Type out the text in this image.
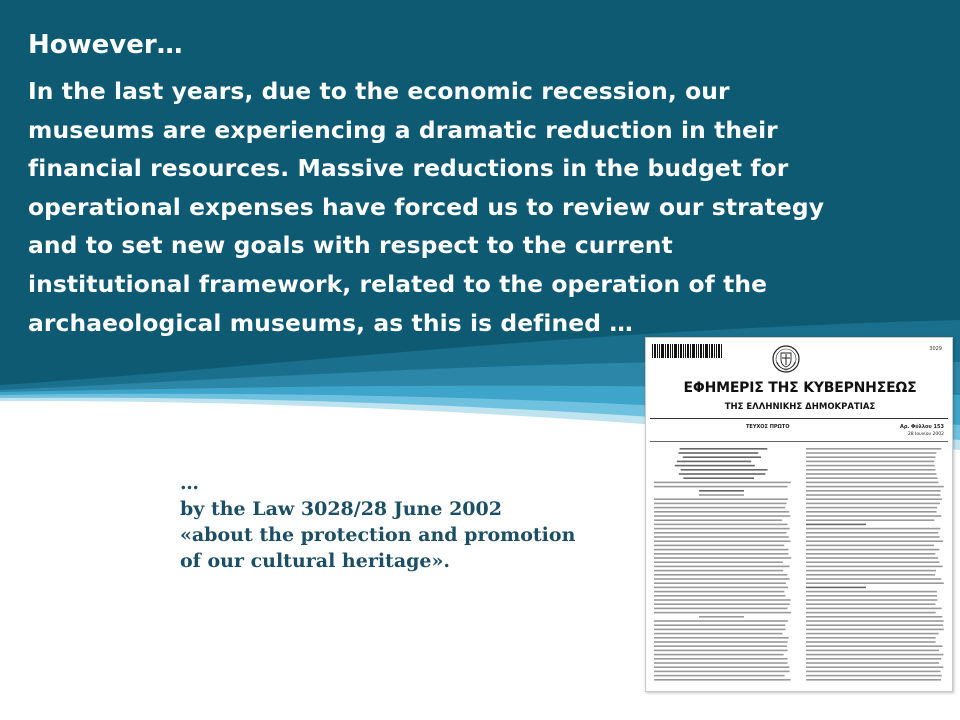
However…
In the last years, due to the economic recession, our
museums are experiencing a dramatic reduction in their
financial resources. Massive reductions in the budget for
operational expenses have forced us to review our strategy
and to set new goals with respect to the current
institutional framework, related to the operation of the
archaeological museums, as this is defined …
…
by the Law 3028/28 June 2002
«about the protection and promotion
of our cultural heritage».
3029
ΕΦΗΜΕΡΙΣ ΤΗΣ ΚΥΒΕΡΝΗΣΕΩΣ
ΤΗΣ ΕΛΛΗΝΙΚΗΣ ΔΗΜΟΚΡΑΤΙΑΣ
ΤΕΥΧΟΣ ΠΡΩΤΟ	Αρ. Φύλλου 153
28 Ιουνίου 2002
